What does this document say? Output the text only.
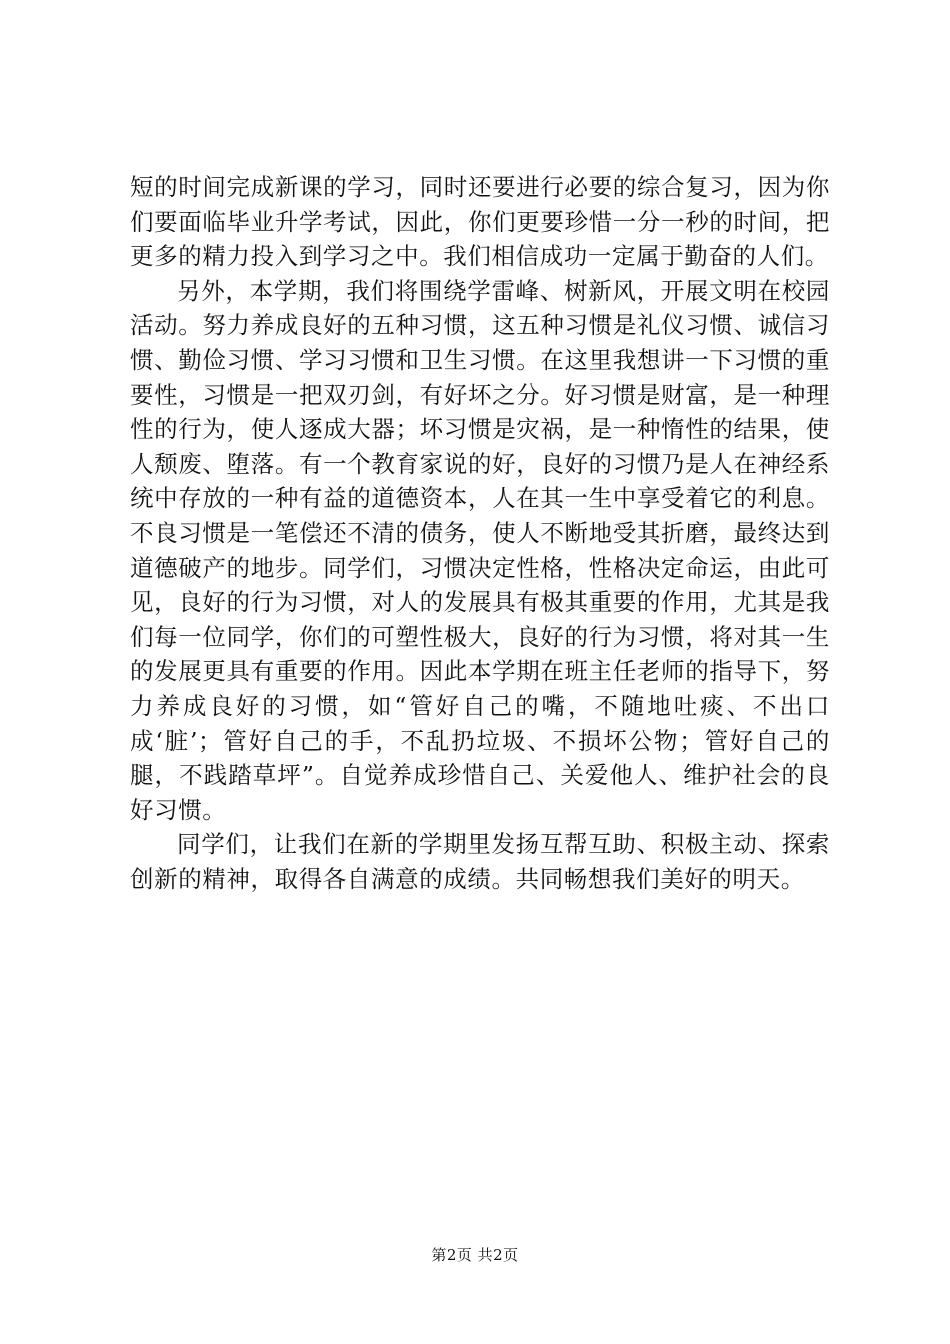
短的时间完成新课的学习，同时还要进行必要的综合复习，因为你们要面临毕业升学考试，因此，你们更要珍惜一分一秒的时间，把更多的精力投入到学习之中。我们相信成功一定属于勤奋的人们。

另外，本学期，我们将围绕学雷峰、树新风，开展文明在校园活动。努力养成良好的五种习惯，这五种习惯是礼仪习惯、诚信习惯、勤俭习惯、学习习惯和卫生习惯。在这里我想讲一下习惯的重要性，习惯是一把双刃剑，有好坏之分。好习惯是财富，是一种理性的行为，使人逐成大器；坏习惯是灾祸，是一种惰性的结果，使人颓废、堕落。有一个教育家说的好，良好的习惯乃是人在神经系统中存放的一种有益的道德资本，人在其一生中享受着它的利息。不良习惯是一笔偿还不清的债务，使人不断地受其折磨，最终达到道德破产的地步。同学们，习惯决定性格，性格决定命运，由此可见，良好的行为习惯，对人的发展具有极其重要的作用，尤其是我们每一位同学，你们的可塑性极大，良好的行为习惯，将对其一生的发展更具有重要的作用。因此本学期在班主任老师的指导下，努力养成良好的习惯，如“管好自己的嘴，不随地吐痰、不出口成‘脏’；管好自己的手，不乱扔垃圾、不损坏公物；管好自己的腿，不践踏草坪”。自觉养成珍惜自己、关爱他人、维护社会的良好习惯。

同学们，让我们在新的学期里发扬互帮互助、积极主动、探索创新的精神，取得各自满意的成绩。共同畅想我们美好的明天。

第2页 共2页
